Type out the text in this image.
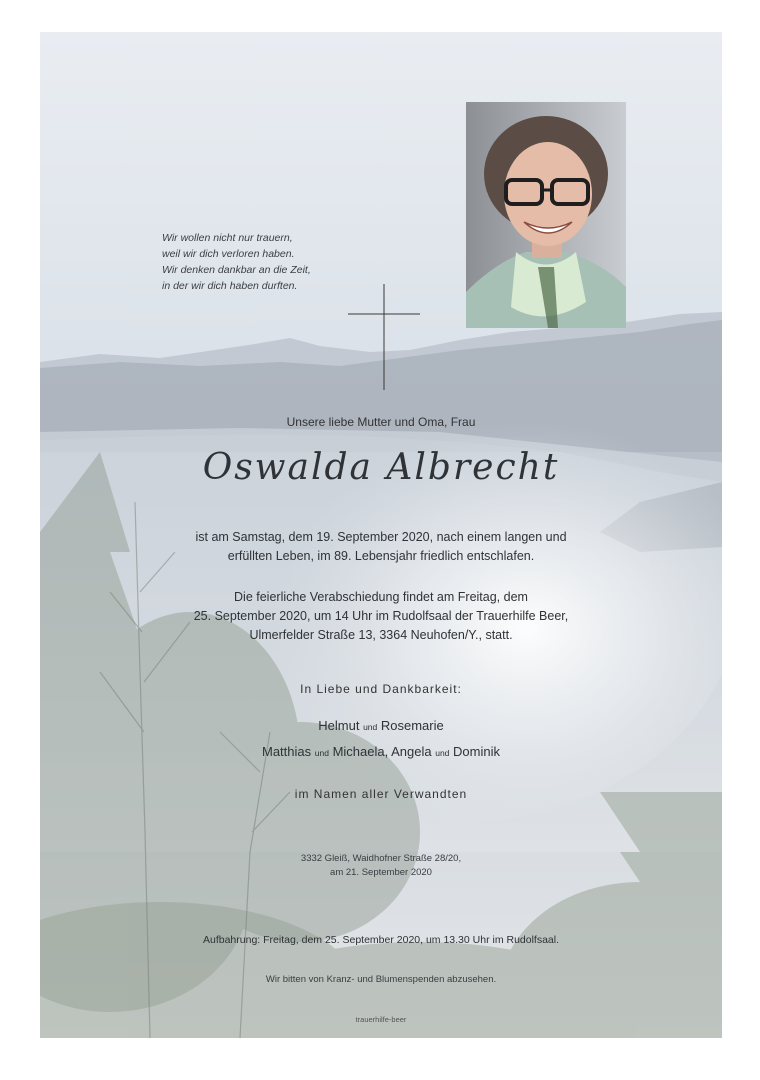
Wir wollen nicht nur trauern,
weil wir dich verloren haben.
Wir denken dankbar an die Zeit,
in der wir dich haben durften.
Unsere liebe Mutter und Oma, Frau
Oswalda Albrecht
ist am Samstag, dem 19. September 2020, nach einem langen und
erfüllten Leben, im 89. Lebensjahr friedlich entschlafen.
Die feierliche Verabschiedung findet am Freitag, dem
25. September 2020, um 14 Uhr im Rudolfsaal der Trauerhilfe Beer,
Ulmerfelder Straße 13, 3364 Neuhofen/Y., statt.
In Liebe und Dankbarkeit:
Helmut und Rosemarie
Matthias und Michaela, Angela und Dominik
im Namen aller Verwandten
3332 Gleiß, Waidhofner Straße 28/20,
am 21. September 2020
Aufbahrung: Freitag, dem 25. September 2020, um 13.30 Uhr im Rudolfsaal.
Wir bitten von Kranz- und Blumenspenden abzusehen.
trauerhilfe-beer
